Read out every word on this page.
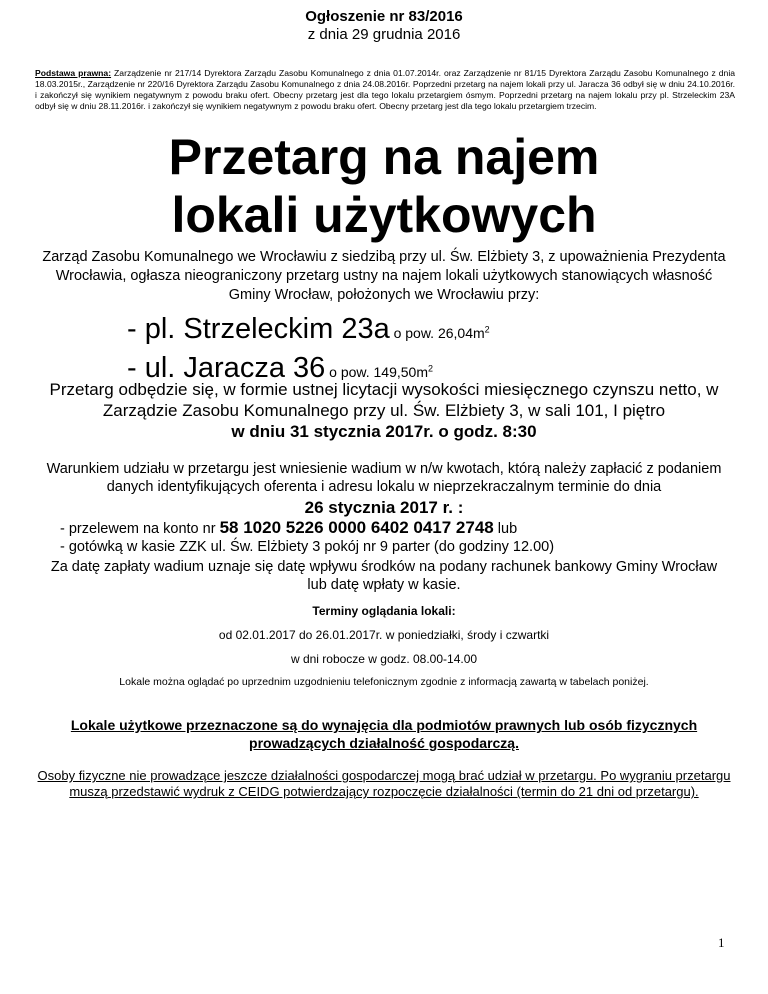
Ogłoszenie nr 83/2016
z dnia 29 grudnia 2016
Podstawa prawna: Zarządzenie nr 217/14 Dyrektora Zarządu Zasobu Komunalnego z dnia 01.07.2014r. oraz Zarządzenie nr 81/15 Dyrektora Zarządu Zasobu Komunalnego z dnia 18.03.2015r., Zarządzenie nr 220/16 Dyrektora Zarządu Zasobu Komunalnego z dnia 24.08.2016r. Poprzedni przetarg na najem lokali przy ul. Jaracza 36 odbył się w dniu 24.10.2016r. i zakończył się wynikiem negatywnym z powodu braku ofert. Obecny przetarg jest dla tego lokalu przetargiem ósmym. Poprzedni przetarg na najem lokalu przy pl. Strzeleckim 23A odbył się w dniu 28.11.2016r. i zakończył się wynikiem negatywnym z powodu braku ofert. Obecny przetarg jest dla tego lokalu przetargiem trzecim.
Przetarg na najem
lokali użytkowych
Zarząd Zasobu Komunalnego we Wrocławiu z siedzibą przy ul. Św. Elżbiety 3, z upoważnienia Prezydenta Wrocławia, ogłasza nieograniczony przetarg ustny na najem lokali użytkowych stanowiących własność Gminy Wrocław, położonych we Wrocławiu przy:
- pl. Strzeleckim 23a o pow. $26,04m^2$
- ul. Jaracza 36 o pow. $149,50m^2$
Przetarg odbędzie się, w formie ustnej licytacji wysokości miesięcznego czynszu netto, w Zarządzie Zasobu Komunalnego przy ul. Św. Elżbiety 3, w sali 101, I piętro
w dniu 31 stycznia 2017r. o godz. 8:30
Warunkiem udziału w przetargu jest wniesienie wadium w n/w kwotach, którą należy zapłacić z podaniem danych identyfikujących oferenta i adresu lokalu w nieprzekraczalnym terminie do dnia
26 stycznia 2017 r. :
- przelewem na konto nr 58 1020 5226 0000 6402 0417 2748 lub
- gotówką w kasie ZZK ul. Św. Elżbiety 3 pokój nr 9 parter (do godziny 12.00)
Za datę zapłaty wadium uznaje się datę wpływu środków na podany rachunek bankowy Gminy Wrocław lub datę wpłaty w kasie.
Terminy oglądania lokali:
od 02.01.2017 do 26.01.2017r. w poniedziałki, środy i czwartki
w dni robocze w godz. 08.00-14.00
Lokale można oglądać po uprzednim uzgodnieniu telefonicznym zgodnie z informacją zawartą w tabelach poniżej.
Lokale użytkowe przeznaczone są do wynajęcia dla podmiotów prawnych lub osób fizycznych prowadzących działalność gospodarczą.
Osoby fizyczne nie prowadzące jeszcze działalności gospodarczej mogą brać udział w przetargu. Po wygraniu przetargu muszą przedstawić wydruk z CEIDG potwierdzający rozpoczęcie działalności (termin do 21 dni od przetargu).
1
